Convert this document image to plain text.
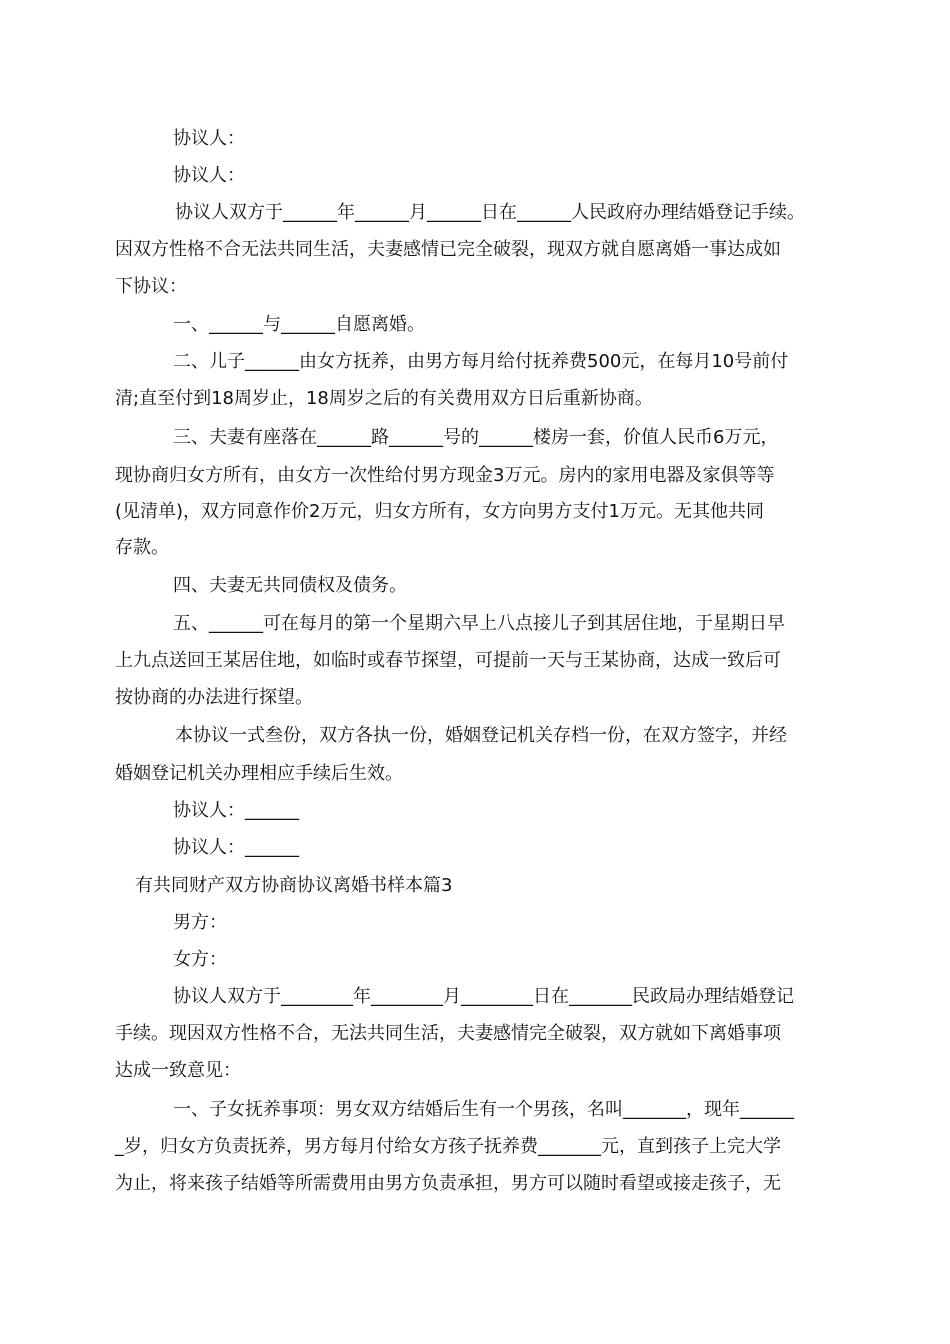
协议人：
协议人：
协议人双方于______年______月______日在______人民政府办理结婚登记手续。
因双方性格不合无法共同生活，夫妻感情已完全破裂，现双方就自愿离婚一事达成如
下协议：
一、______与______自愿离婚。
二、儿子______由女方抚养，由男方每月给付抚养费500元，在每月10号前付
清;直至付到18周岁止，18周岁之后的有关费用双方日后重新协商。
三、夫妻有座落在______路______号的______楼房一套，价值人民币6万元，
现协商归女方所有，由女方一次性给付男方现金3万元。房内的家用电器及家俱等等
(见清单)，双方同意作价2万元，归女方所有，女方向男方支付1万元。无其他共同
存款。
四、夫妻无共同债权及债务。
五、______可在每月的第一个星期六早上八点接儿子到其居住地，于星期日早
上九点送回王某居住地，如临时或春节探望，可提前一天与王某协商，达成一致后可
按协商的办法进行探望。
本协议一式叁份，双方各执一份，婚姻登记机关存档一份，在双方签字，并经
婚姻登记机关办理相应手续后生效。
协议人：______
协议人：______
有共同财产双方协商协议离婚书样本篇3
男方：
女方：
协议人双方于________年________月________日在_______民政局办理结婚登记
手续。现因双方性格不合，无法共同生活，夫妻感情完全破裂，双方就如下离婚事项
达成一致意见：
一、子女抚养事项：男女双方结婚后生有一个男孩，名叫_______，现年______
_岁，归女方负责抚养，男方每月付给女方孩子抚养费_______元，直到孩子上完大学
为止，将来孩子结婚等所需费用由男方负责承担，男方可以随时看望或接走孩子，无
